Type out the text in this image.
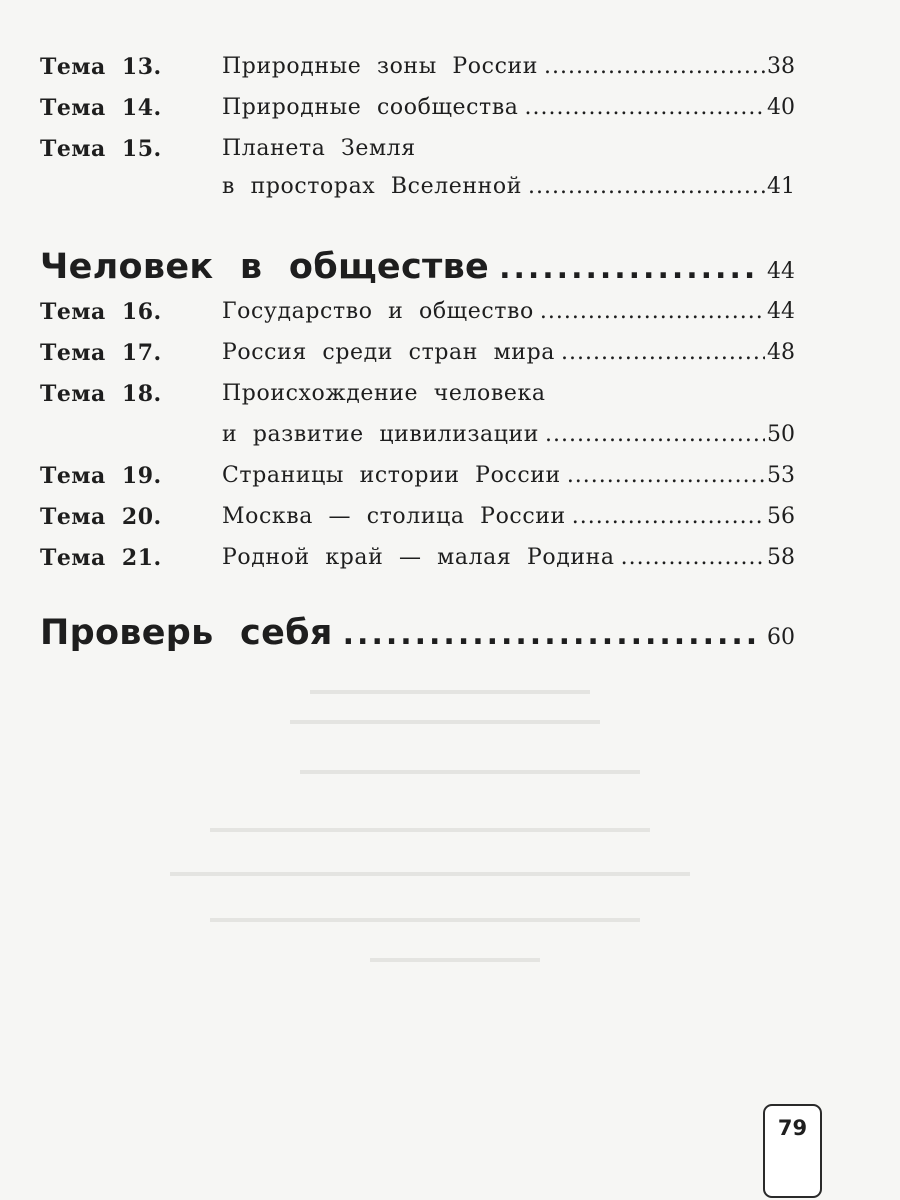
Тема 13.	Природные зоны России .....	38
Тема 14.	Природные сообщества .....	40
Тема 15.	Планета Земля
в просторах Вселенной .....	41
Человек в обществе .....	44
Тема 16.	Государство и общество .....	44
Тема 17.	Россия среди стран мира .....	48
Тема 18.	Происхождение человека
и развитие цивилизации .....	50
Тема 19.	Страницы истории России .....	53
Тема 20.	Москва — столица России .....	56
Тема 21.	Родной край — малая Родина .....	58
Проверь себя .....	60
79
